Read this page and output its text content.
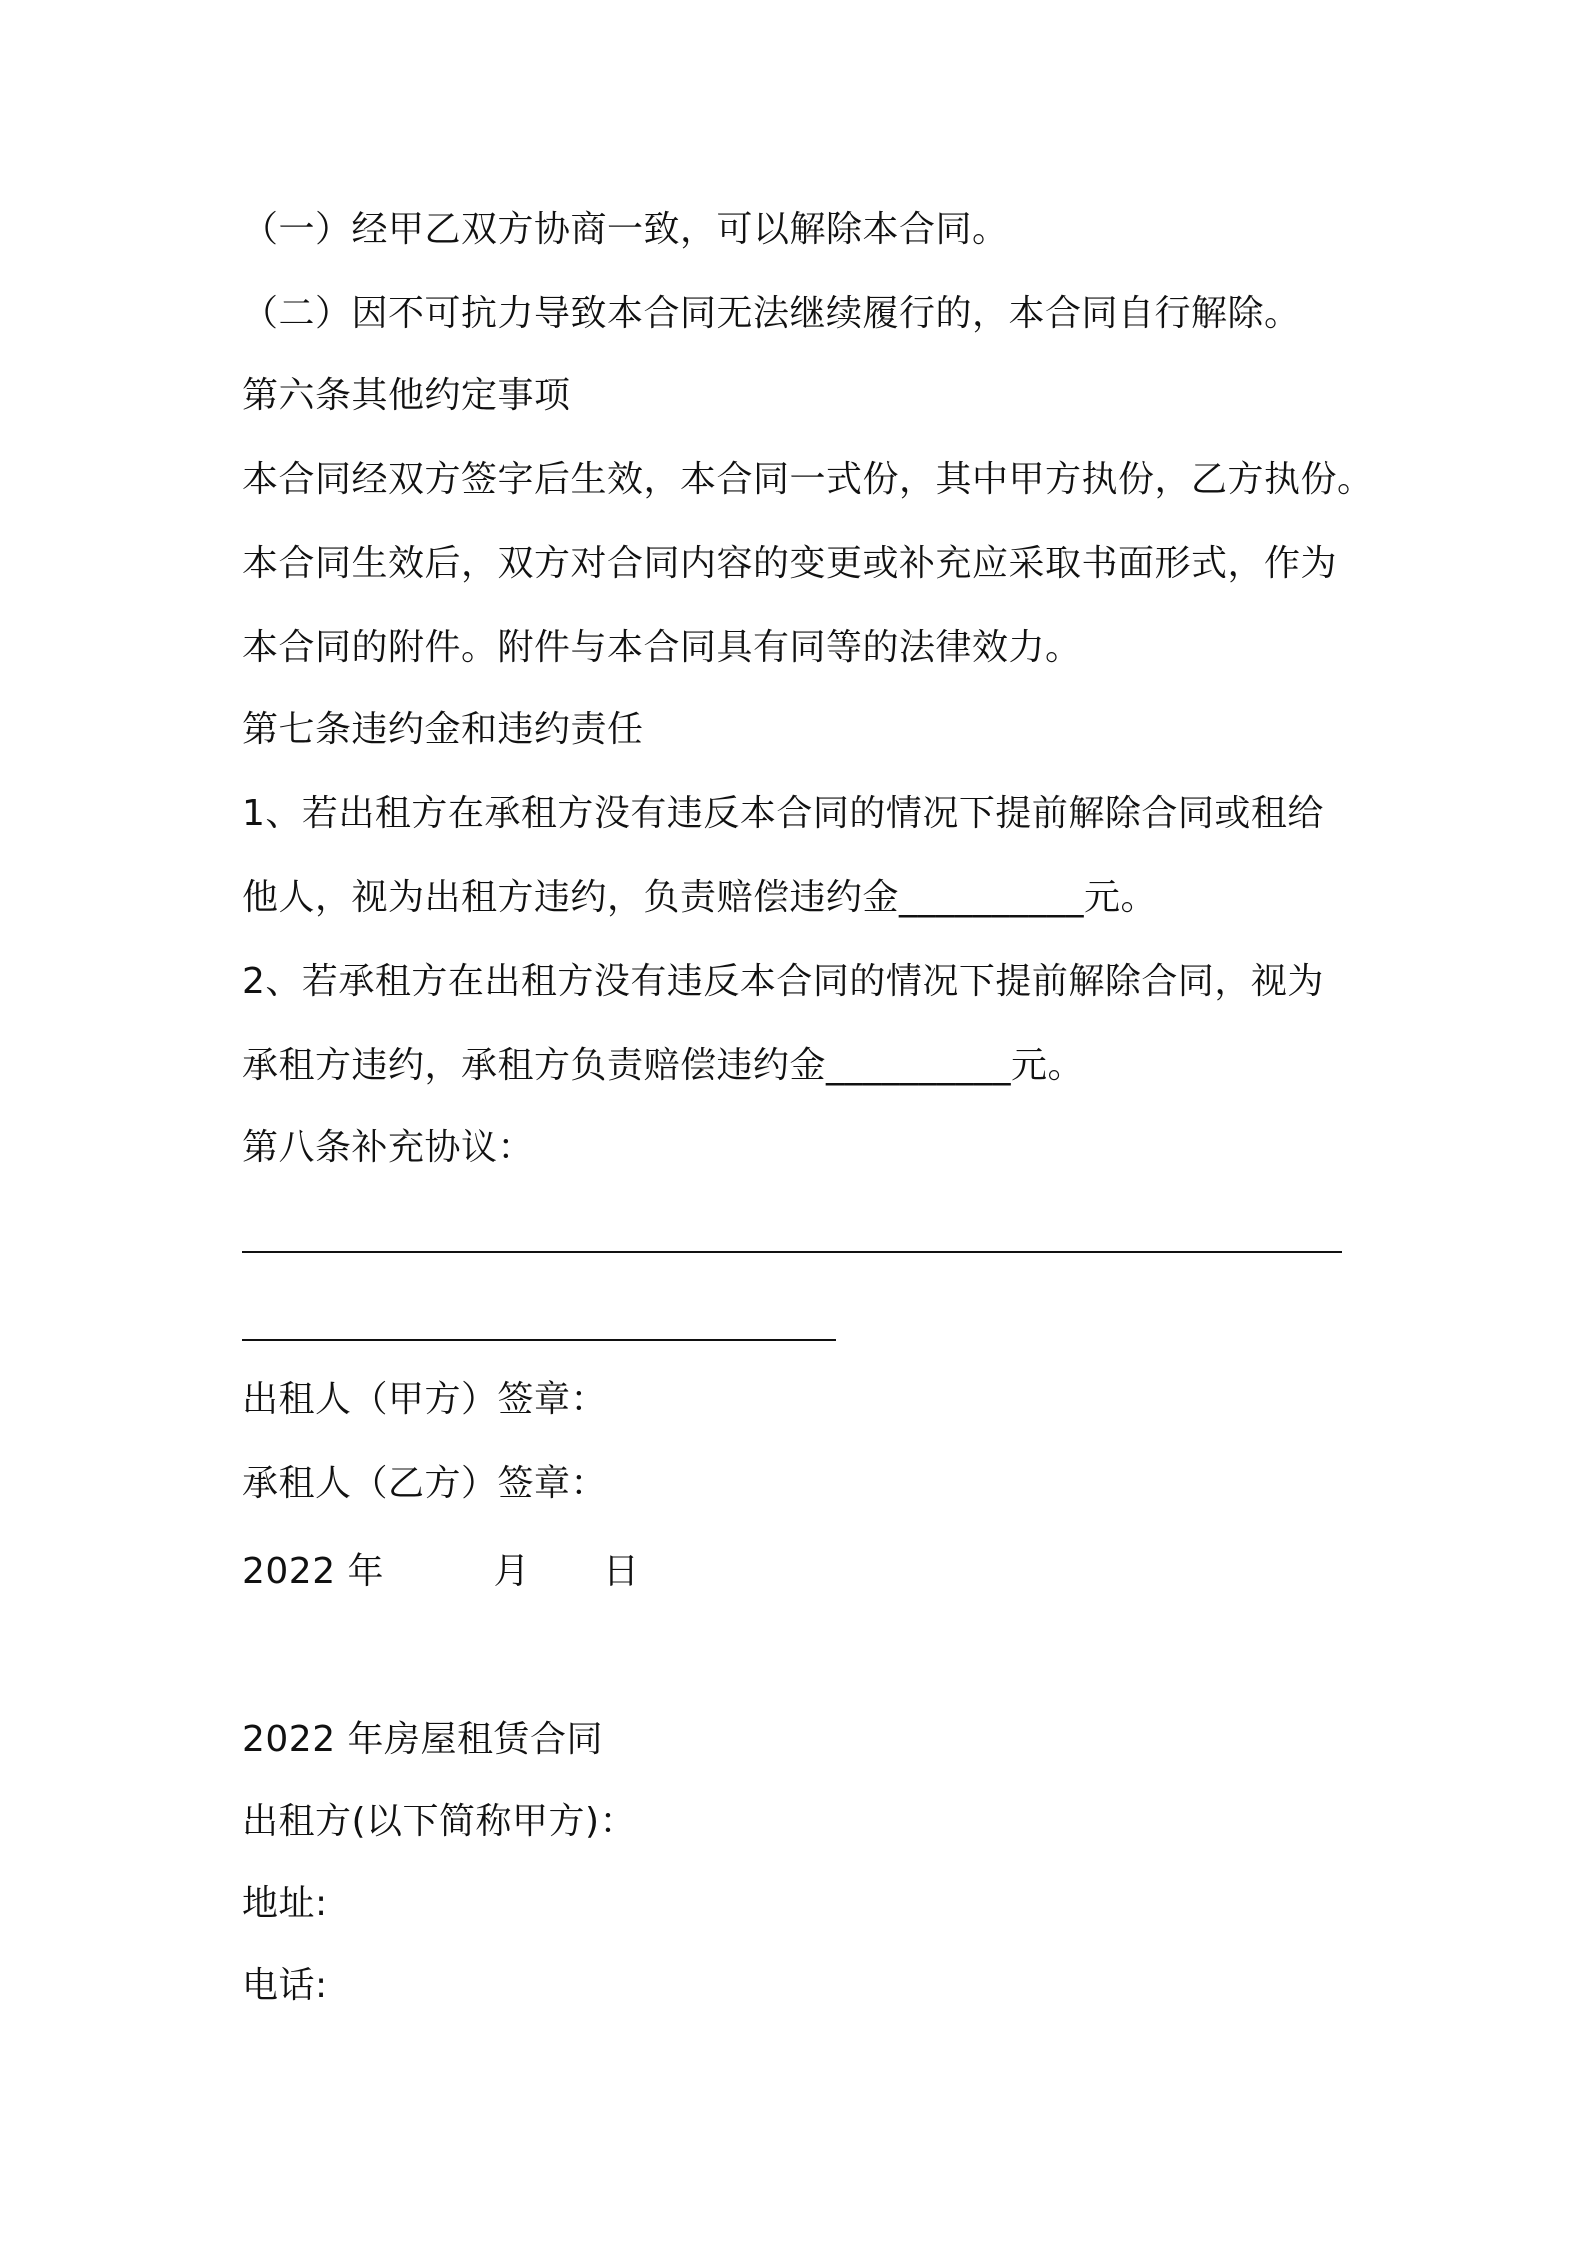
（一）经甲乙双方协商一致，可以解除本合同。
（二）因不可抗力导致本合同无法继续履行的，本合同自行解除。
第六条其他约定事项
本合同经双方签字后生效，本合同一式份，其中甲方执份，乙方执份。
本合同生效后，双方对合同内容的变更或补充应采取书面形式，作为
本合同的附件。附件与本合同具有同等的法律效力。
第七条违约金和违约责任
1、若出租方在承租方没有违反本合同的情况下提前解除合同或租给
他人，视为出租方违约，负责赔偿违约金__________元。
2、若承租方在出租方没有违反本合同的情况下提前解除合同，视为
承租方违约，承租方负责赔偿违约金__________元。
第八条补充协议：
出租人（甲方）签章：
承租人（乙方）签章：
2022 年　　　月　　日
2022 年房屋租赁合同
出租方(以下简称甲方)：
地址:
电话:
